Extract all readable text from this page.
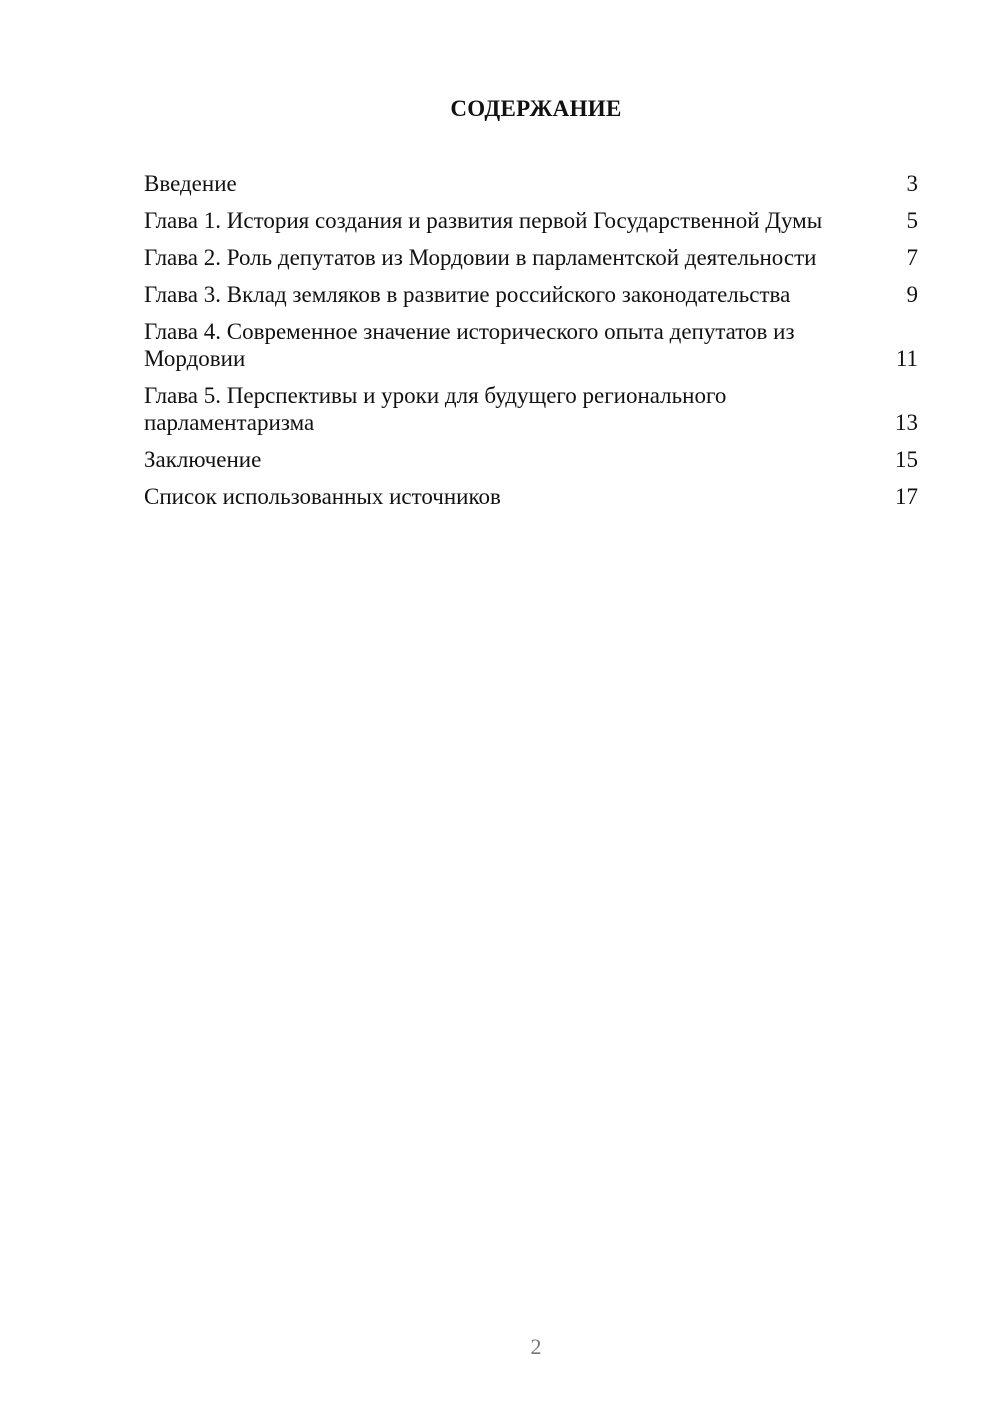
СОДЕРЖАНИЕ
Введение	3
Глава 1. История создания и развития первой Государственной Думы	5
Глава 2. Роль депутатов из Мордовии в парламентской деятельности	7
Глава 3. Вклад земляков в развитие российского законодательства	9
Глава 4. Современное значение исторического опыта депутатов из Мордовии	11
Глава 5. Перспективы и уроки для будущего регионального парламентаризма	13
Заключение	15
Список использованных источников	17
2
